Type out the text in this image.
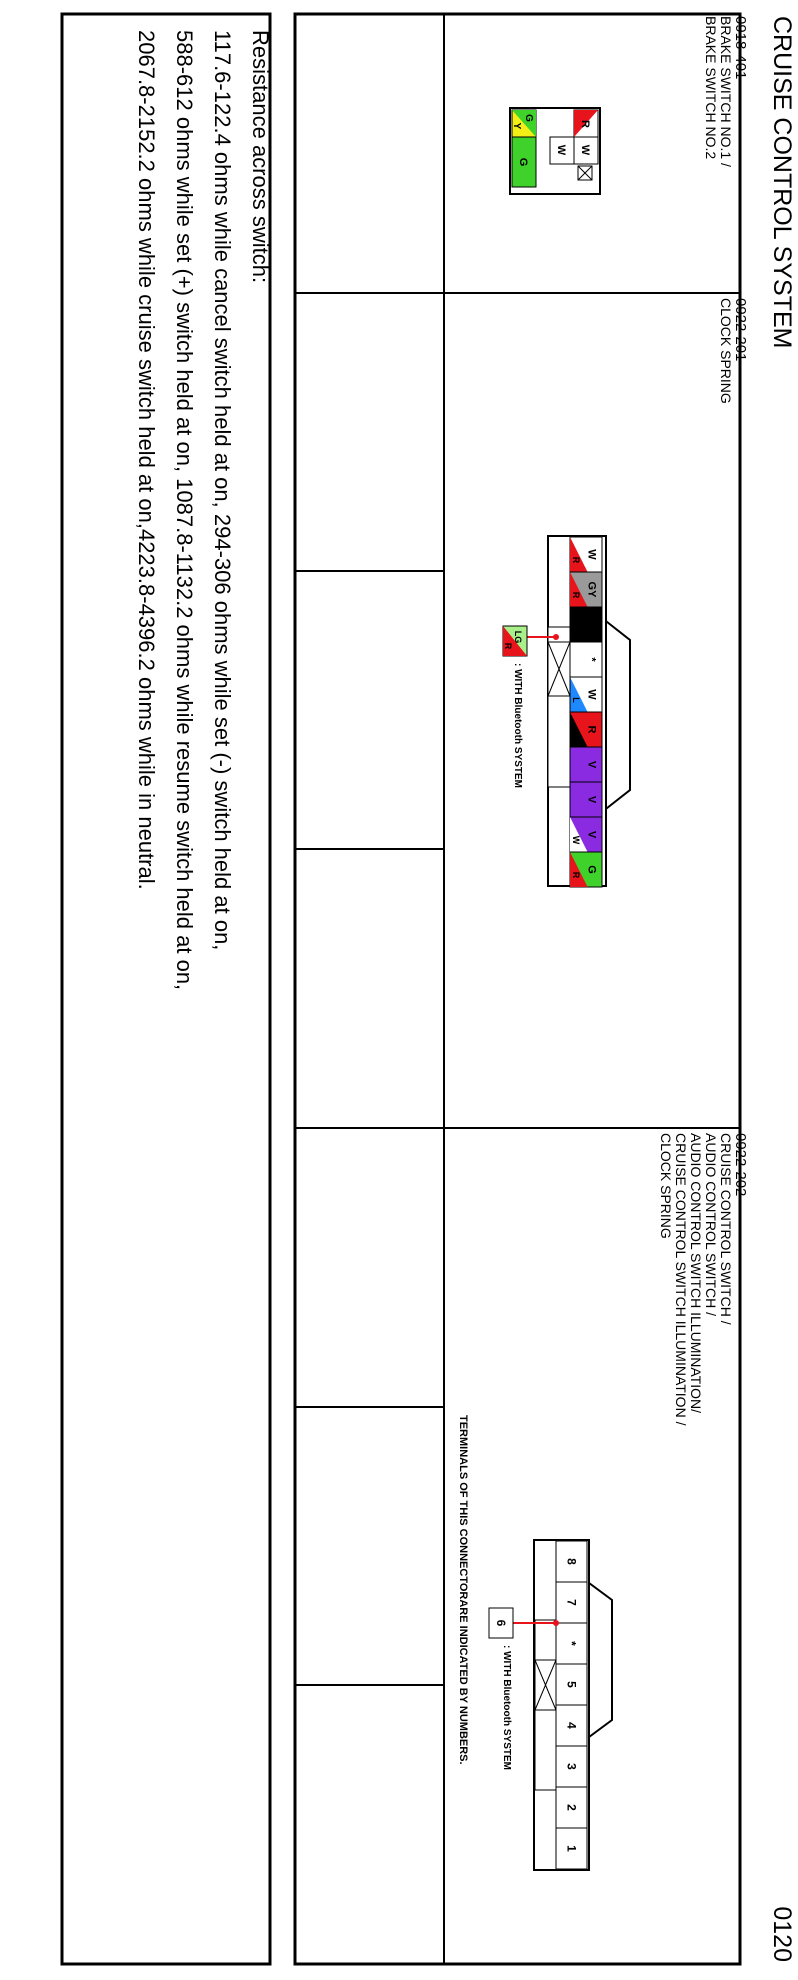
CRUISE CONTROL SYSTEM
0120
0918-401
BRAKE SWITCH NO.1 /
BRAKE SWITCH NO.2
R
W
W
G
Y
G
0922-201
CLOCK SPRING
W
R
GY
R
B
*
W
L
R
B
V
V
V
W
G
R
LG
R
: WITH Bluetooth SYSTEM
0922-202
CRUISE CONTROL SWITCH /
AUDIO CONTROL SWITCH /
AUDIO CONTROL SWITCH ILLUMINATION/
CRUISE CONTROL SWITCH ILLUMINATION /
CLOCK SPRING
8
7
*
5
4
3
2
1
6
: WITH Bluetooth SYSTEM
TERMINALS OF THIS CONNECTORARE INDICATED BY NUMBERS.
Resistance across switch:
117.6-122.4 ohms while cancel switch held at on, 294-306 ohms while set (-) switch held at on,
588-612 ohms while set (+) switch held at on, 1087.8-1132.2 ohms while resume switch held at on,
2067.8-2152.2 ohms while cruise switch held at on,4223.8-4396.2 ohms while in neutral.
